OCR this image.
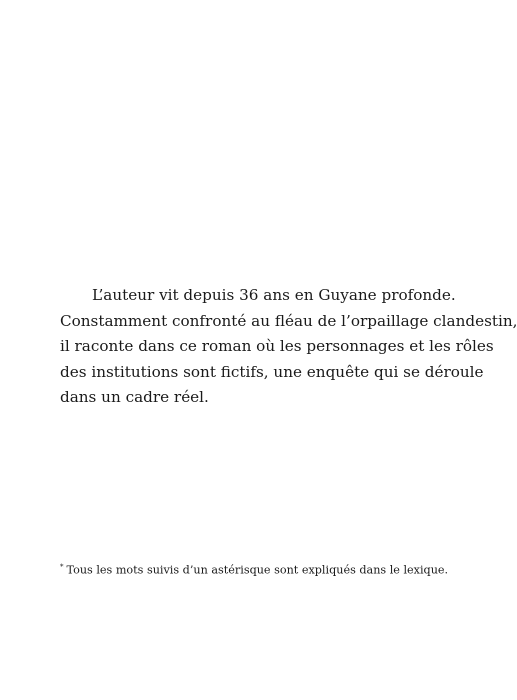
L’auteur vit depuis 36 ans en Guyane profonde.
Constamment confronté au fléau de l’orpaillage clandestin,
il raconte dans ce roman où les personnages et les rôles
des institutions sont fictifs, une enquête qui se déroule
dans un cadre réel.

* Tous les mots suivis d’un astérisque sont expliqués dans le lexique.
